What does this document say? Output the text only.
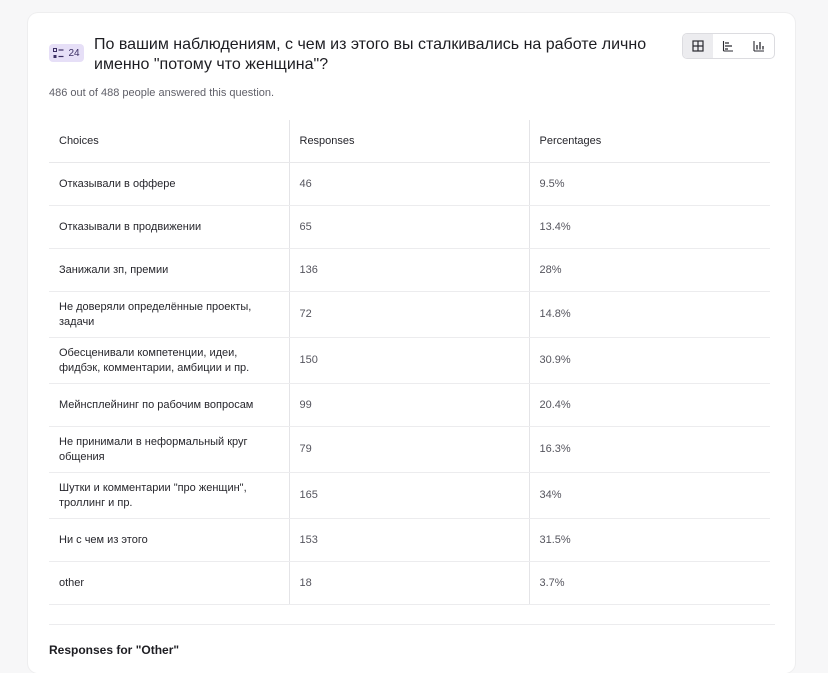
24 По вашим наблюдениям, с чем из этого вы сталкивались на работе лично именно "потому что женщина"?
486 out of 488 people answered this question.
Choices	Responses	Percentages
Отказывали в оффере	46	9.5%
Отказывали в продвижении	65	13.4%
Занижали зп, премии	136	28%
Не доверяли определённые проекты, задачи	72	14.8%
Обесценивали компетенции, идеи, фидбэк, комментарии, амбиции и пр.	150	30.9%
Мейнсплейнинг по рабочим вопросам	99	20.4%
Не принимали в неформальный круг общения	79	16.3%
Шутки и комментарии "про женщин", троллинг и пр.	165	34%
Ни с чем из этого	153	31.5%
other	18	3.7%
Responses for "Other"
